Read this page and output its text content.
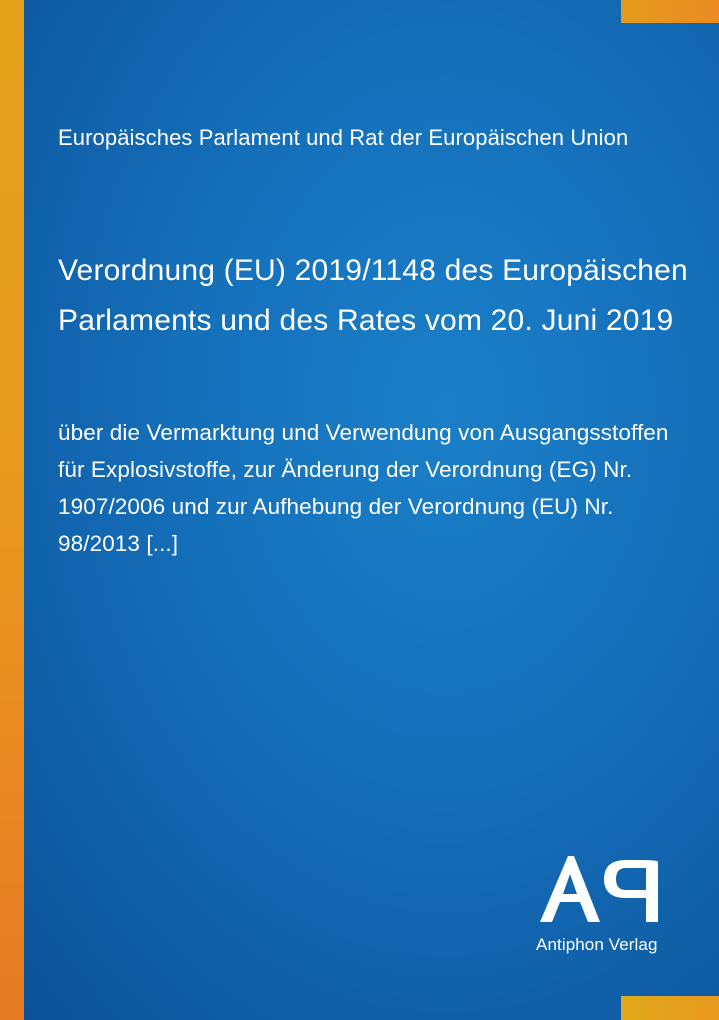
Europäisches Parlament und Rat der Europäischen Union
Verordnung (EU) 2019/1148 des Europäischen Parlaments und des Rates vom 20. Juni 2019
über die Vermarktung und Verwendung von Ausgangsstoffen für Explosivstoffe, zur Änderung der Verordnung (EG) Nr. 1907/2006 und zur Aufhebung der Verordnung (EU) Nr. 98/2013 [...]
Antiphon Verlag
